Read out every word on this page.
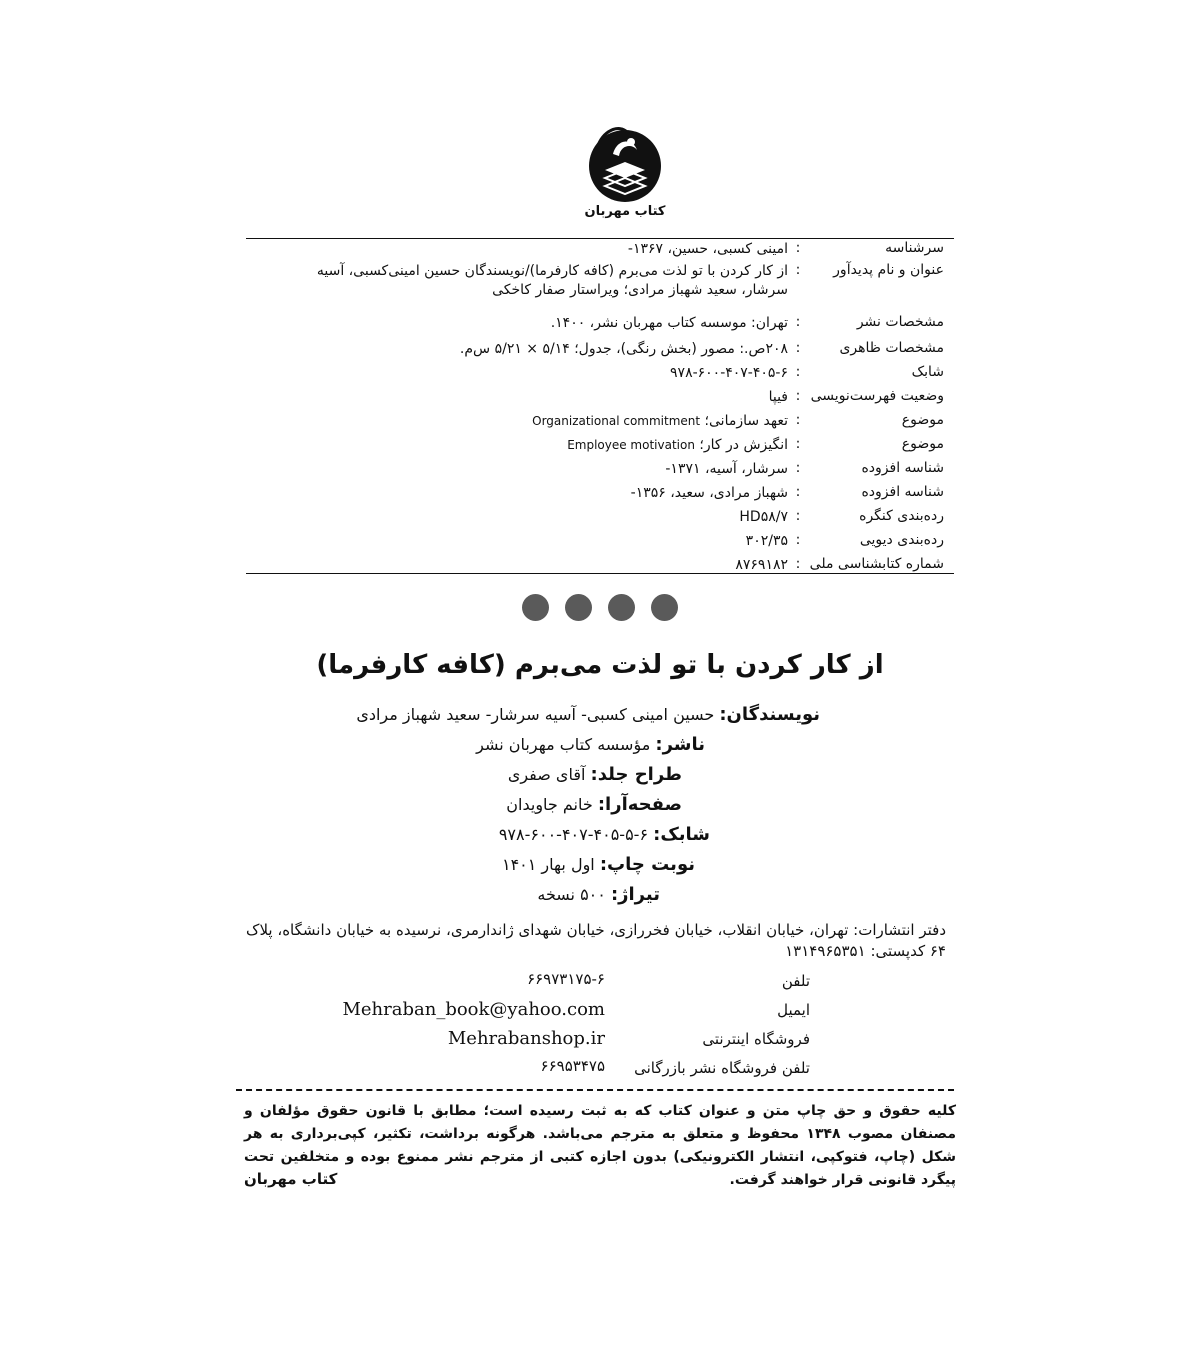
کتاب مهربان
سرشناسه
:
امینی کسبی، حسین، ۱۳۶۷-
عنوان و نام پدیدآور
:
از کار کردن با تو لذت می‌برم (کافه کارفرما)/نویسندگان حسین امینی‌کسبی، آسیه سرشار، سعید شهباز مرادی؛ ویراستار صفار کاخکی
مشخصات نشر
:
تهران: موسسه کتاب مهربان نشر، ۱۴۰۰.
مشخصات ظاهری
:
۲۰۸ص.: مصور (بخش رنگی)، جدول؛ ۵/۱۴ × ۵/۲۱ س‌م.
شابک
:
۹۷۸-۶۰۰-۴۰۷-۴۰۵-۶
وضعیت فهرست‌نویسی
:
فیپا
موضوع
:
تعهد سازمانی؛ Organizational commitment
موضوع
:
انگیزش در کار؛ Employee motivation
شناسه افزوده
:
سرشار، آسیه، ۱۳۷۱-
شناسه افزوده
:
شهباز مرادی، سعید، ۱۳۵۶-
رده‌بندی کنگره
:
HD۵۸/۷
رده‌بندی دیویی
:
۳۰۲/۳۵
شماره کتابشناسی ملی
:
۸۷۶۹۱۸۲
از کار کردن با تو لذت می‌برم (کافه کارفرما)
نویسندگان: حسین امینی کسبی- آسیه سرشار- سعید شهباز مرادی
ناشر: مؤسسه کتاب مهربان نشر
طراح جلد: آقای صفری
صفحه‌آرا: خانم جاویدان
شابک: ۶-۵-۴۰۵-۴۰۷-۶۰۰-۹۷۸
نوبت چاپ: اول بهار ۱۴۰۱
تیراژ: ۵۰۰ نسخه
دفتر انتشارات: تهران، خیابان انقلاب، خیابان فخررازی، خیابان شهدای ژاندارمری، نرسیده به خیابان دانشگاه، پلاک ۶۴ کدپستی: ۱۳۱۴۹۶۵۳۵۱
تلفن
۶۶۹۷۳۱۷۵-۶
ایمیل
Mehraban_book@yahoo.com
فروشگاه اینترنتی
Mehrabanshop.ir
تلفن فروشگاه نشر بازرگانی
۶۶۹۵۳۴۷۵
کلیه حقوق و حق چاپ متن و عنوان کتاب که به ثبت رسیده است؛ مطابق با قانون حقوق مؤلفان و مصنفان مصوب ۱۳۴۸ محفوظ و متعلق به مترجم می‌باشد. هرگونه برداشت، تکثیر، کپی‌برداری به هر شکل (چاپ، فتوکپی، انتشار الکترونیکی) بدون اجازه کتبی از مترجم نشر ممنوع بوده و متخلفین تحت پیگرد قانونی قرار خواهند گرفت.
کتاب مهربان
